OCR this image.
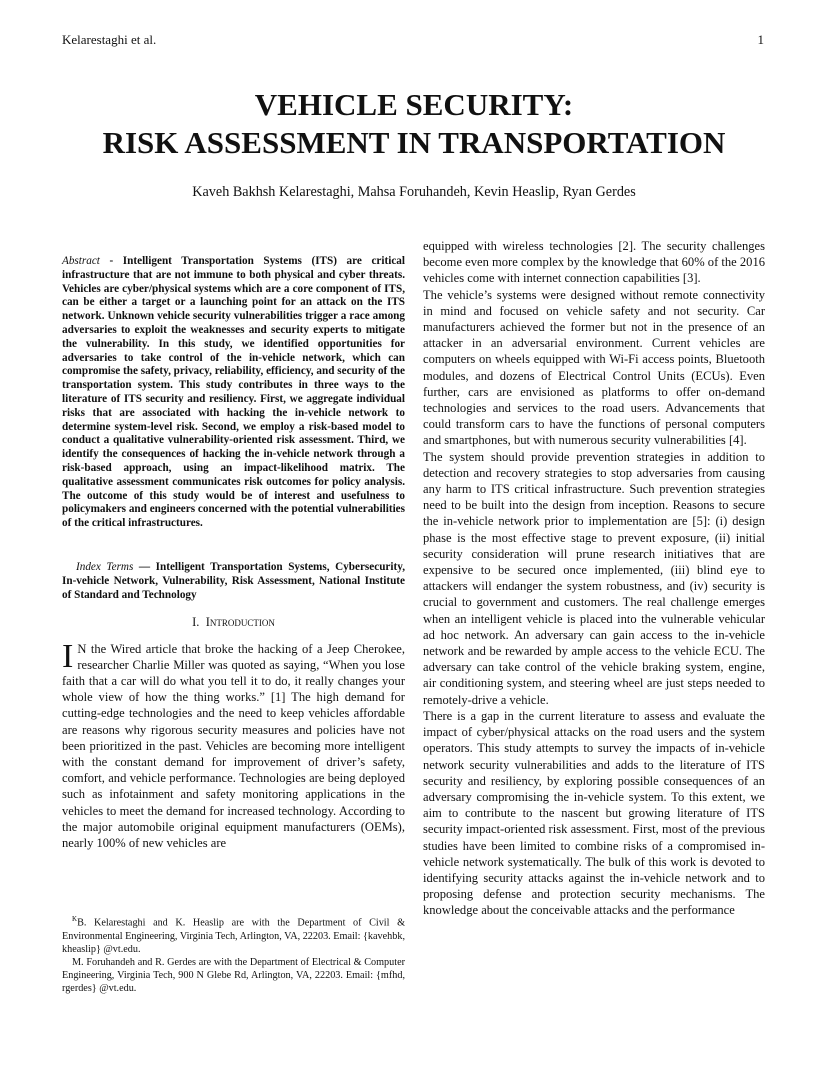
Kelarestaghi et al.	1
VEHICLE SECURITY:
RISK ASSESSMENT IN TRANSPORTATION
Kaveh Bakhsh Kelarestaghi, Mahsa Foruhandeh, Kevin Heaslip, Ryan Gerdes

Abstract - Intelligent Transportation Systems (ITS) are critical infrastructure that are not immune to both physical and cyber threats. Vehicles are cyber/physical systems which are a core component of ITS, can be either a target or a launching point for an attack on the ITS network. Unknown vehicle security vulnerabilities trigger a race among adversaries to exploit the weaknesses and security experts to mitigate the vulnerability. In this study, we identified opportunities for adversaries to take control of the in-vehicle network, which can compromise the safety, privacy, reliability, efficiency, and security of the transportation system. This study contributes in three ways to the literature of ITS security and resiliency. First, we aggregate individual risks that are associated with hacking the in-vehicle network to determine system-level risk. Second, we employ a risk-based model to conduct a qualitative vulnerability-oriented risk assessment. Third, we identify the consequences of hacking the in-vehicle network through a risk-based approach, using an impact-likelihood matrix. The qualitative assessment communicates risk outcomes for policy analysis. The outcome of this study would be of interest and usefulness to policymakers and engineers concerned with the potential vulnerabilities of the critical infrastructures.

Index Terms — Intelligent Transportation Systems, Cybersecurity, In-vehicle Network, Vulnerability, Risk Assessment, National Institute of Standard and Technology

I. Introduction

I N the Wired article that broke the hacking of a Jeep Cherokee, researcher Charlie Miller was quoted as saying, “When you lose faith that a car will do what you tell it to do, it really changes your whole view of how the thing works.” [1] The high demand for cutting-edge technologies and the need to keep vehicles affordable are reasons why rigorous security measures and policies have not been prioritized in the past. Vehicles are becoming more intelligent with the constant demand for improvement of driver’s safety, comfort, and vehicle performance. Technologies are being deployed such as infotainment and safety monitoring applications in the vehicles to meet the demand for increased technology. According to the major automobile original equipment manufacturers (OEMs), nearly 100% of new vehicles are

$^K$B. Kelarestaghi and K. Heaslip are with the Department of Civil & Environmental Engineering, Virginia Tech, Arlington, VA, 22203. Email: {kavehbk, kheaslip} @vt.edu.

M. Foruhandeh and R. Gerdes are with the Department of Electrical & Computer Engineering, Virginia Tech, 900 N Glebe Rd, Arlington, VA, 22203. Email: {mfhd, rgerdes} @vt.edu.

equipped with wireless technologies [2]. The security challenges become even more complex by the knowledge that 60% of the 2016 vehicles come with internet connection capabilities [3].

The vehicle’s systems were designed without remote connectivity in mind and focused on vehicle safety and not security. Car manufacturers achieved the former but not in the presence of an attacker in an adversarial environment. Current vehicles are computers on wheels equipped with Wi-Fi access points, Bluetooth modules, and dozens of Electrical Control Units (ECUs). Even further, cars are envisioned as platforms to offer on-demand technologies and services to the road users. Advancements that could transform cars to have the functions of personal computers and smartphones, but with numerous security vulnerabilities [4].

The system should provide prevention strategies in addition to detection and recovery strategies to stop adversaries from causing any harm to ITS critical infrastructure. Such prevention strategies need to be built into the design from inception. Reasons to secure the in-vehicle network prior to implementation are [5]: (i) design phase is the most effective stage to prevent exposure, (ii) initial security consideration will prune research initiatives that are expensive to be secured once implemented, (iii) blind eye to attackers will endanger the system robustness, and (iv) security is crucial to government and customers. The real challenge emerges when an intelligent vehicle is placed into the vulnerable vehicular ad hoc network. An adversary can gain access to the in-vehicle network and be rewarded by ample access to the vehicle ECU. The adversary can take control of the vehicle braking system, engine, air conditioning system, and steering wheel are just steps needed to remotely-drive a vehicle.

There is a gap in the current literature to assess and evaluate the impact of cyber/physical attacks on the road users and the system operators. This study attempts to survey the impacts of in-vehicle network security vulnerabilities and adds to the literature of ITS security and resiliency, by exploring possible consequences of an adversary compromising the in-vehicle system. To this extent, we aim to contribute to the nascent but growing literature of ITS security impact-oriented risk assessment. First, most of the previous studies have been limited to combine risks of a compromised in-vehicle network systematically. The bulk of this work is devoted to identifying security attacks against the in-vehicle network and to proposing defense and protection security mechanisms. The knowledge about the conceivable attacks and the performance
